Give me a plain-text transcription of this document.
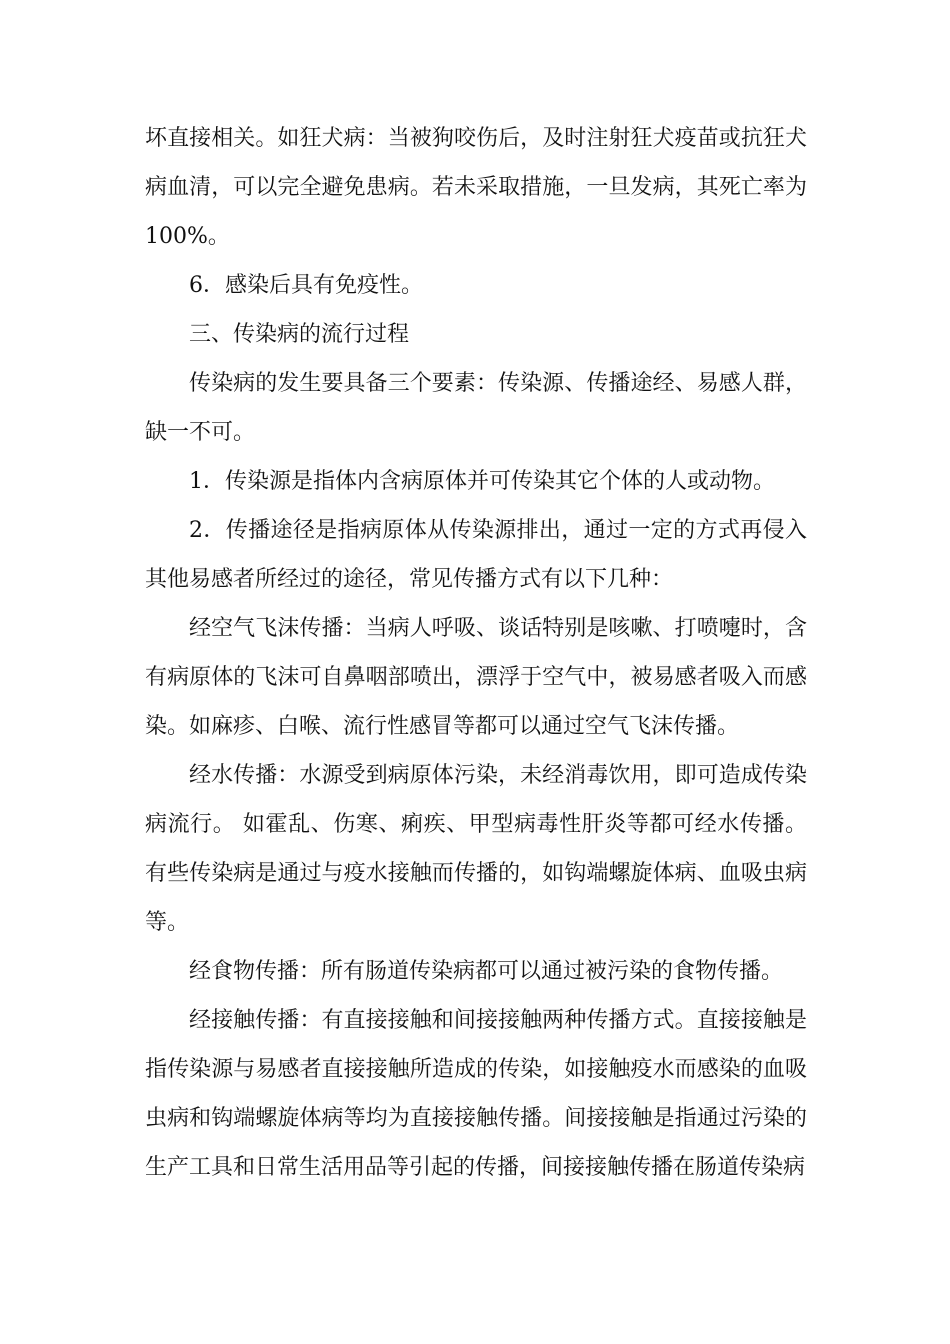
坏直接相关。如狂犬病：当被狗咬伤后，及时注射狂犬疫苗或抗狂犬病血清，可以完全避免患病。若未采取措施，一旦发病，其死亡率为100%。

6．感染后具有免疫性。

三、传染病的流行过程

传染病的发生要具备三个要素：传染源、传播途经、易感人群，缺一不可。

1．传染源是指体内含病原体并可传染其它个体的人或动物。

2．传播途径是指病原体从传染源排出，通过一定的方式再侵入其他易感者所经过的途径，常见传播方式有以下几种：

经空气飞沫传播：当病人呼吸、谈话特别是咳嗽、打喷嚏时，含有病原体的飞沫可自鼻咽部喷出，漂浮于空气中，被易感者吸入而感染。如麻疹、白喉、流行性感冒等都可以通过空气飞沫传播。

经水传播：水源受到病原体污染，未经消毒饮用，即可造成传染病流行。 如霍乱、伤寒、痢疾、甲型病毒性肝炎等都可经水传播。有些传染病是通过与疫水接触而传播的，如钩端螺旋体病、血吸虫病等。

经食物传播：所有肠道传染病都可以通过被污染的食物传播。

经接触传播：有直接接触和间接接触两种传播方式。直接接触是指传染源与易感者直接接触所造成的传染，如接触疫水而感染的血吸虫病和钩端螺旋体病等均为直接接触传播。间接接触是指通过污染的生产工具和日常生活用品等引起的传播，间接接触传播在肠道传染病
